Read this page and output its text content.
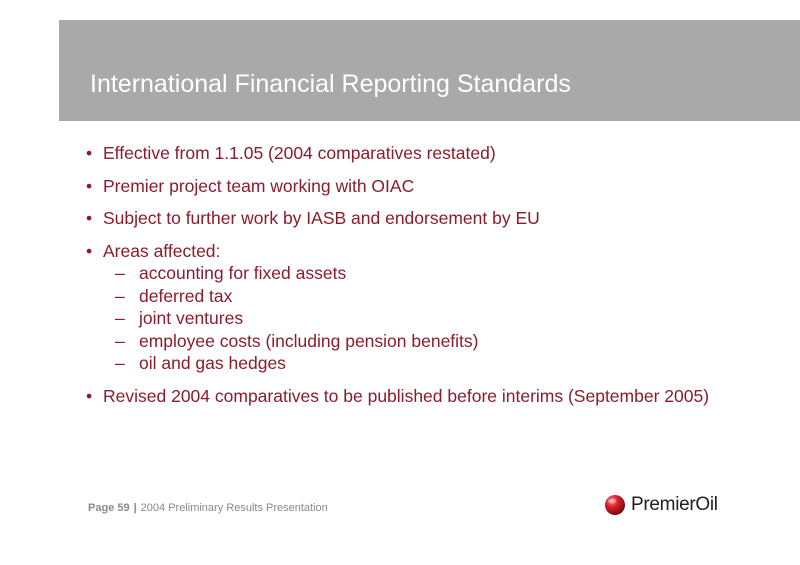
International Financial Reporting Standards
• Effective from 1.1.05 (2004 comparatives restated)
• Premier project team working with OIAC
• Subject to further work by IASB and endorsement by EU
• Areas affected:
– accounting for fixed assets
– deferred tax
– joint ventures
– employee costs (including pension benefits)
– oil and gas hedges
• Revised 2004 comparatives to be published before interims (September 2005)
Page 59 | 2004 Preliminary Results Presentation	PremierOil
